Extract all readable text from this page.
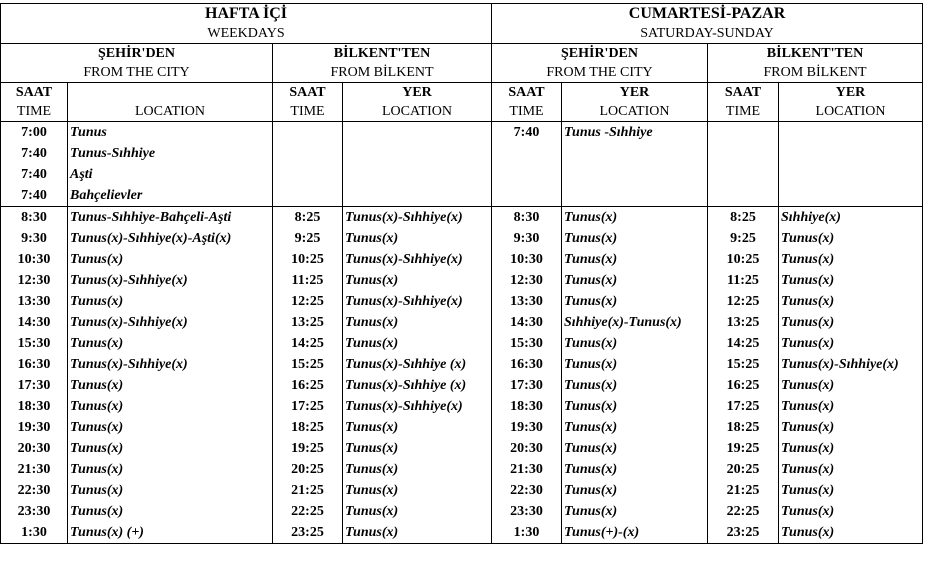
HAFTA İÇİ				CUMARTESİ-PAZAR			
WEEKDAYS				SATURDAY-SUNDAY			
ŞEHİR'DEN		BİLKENT'TEN		ŞEHİR'DEN		BİLKENT'TEN	
FROM THE CITY		FROM BİLKENT		FROM THE CITY		FROM BİLKENT	
SAAT		SAAT	YER	SAAT	YER	SAAT	YER
TIME	LOCATION	TIME	LOCATION	TIME	LOCATION	TIME	LOCATION
7:00	Tunus			7:40	Tunus -Sıhhiye		
7:40	Tunus-Sıhhiye						
7:40	Aşti						
7:40	Bahçelievler						
8:30	Tunus-Sıhhiye-Bahçeli-Aşti	8:25	Tunus(x)-Sıhhiye(x)	8:30	Tunus(x)	8:25	Sıhhiye(x)
9:30	Tunus(x)-Sıhhiye(x)-Aşti(x)	9:25	Tunus(x)	9:30	Tunus(x)	9:25	Tunus(x)
10:30	Tunus(x)	10:25	Tunus(x)-Sıhhiye(x)	10:30	Tunus(x)	10:25	Tunus(x)
12:30	Tunus(x)-Sıhhiye(x)	11:25	Tunus(x)	12:30	Tunus(x)	11:25	Tunus(x)
13:30	Tunus(x)	12:25	Tunus(x)-Sıhhiye(x)	13:30	Tunus(x)	12:25	Tunus(x)
14:30	Tunus(x)-Sıhhiye(x)	13:25	Tunus(x)	14:30	Sıhhiye(x)-Tunus(x)	13:25	Tunus(x)
15:30	Tunus(x)	14:25	Tunus(x)	15:30	Tunus(x)	14:25	Tunus(x)
16:30	Tunus(x)-Sıhhiye(x)	15:25	Tunus(x)-Sıhhiye (x)	16:30	Tunus(x)	15:25	Tunus(x)-Sıhhiye(x)
17:30	Tunus(x)	16:25	Tunus(x)-Sıhhiye (x)	17:30	Tunus(x)	16:25	Tunus(x)
18:30	Tunus(x)	17:25	Tunus(x)-Sıhhiye(x)	18:30	Tunus(x)	17:25	Tunus(x)
19:30	Tunus(x)	18:25	Tunus(x)	19:30	Tunus(x)	18:25	Tunus(x)
20:30	Tunus(x)	19:25	Tunus(x)	20:30	Tunus(x)	19:25	Tunus(x)
21:30	Tunus(x)	20:25	Tunus(x)	21:30	Tunus(x)	20:25	Tunus(x)
22:30	Tunus(x)	21:25	Tunus(x)	22:30	Tunus(x)	21:25	Tunus(x)
23:30	Tunus(x)	22:25	Tunus(x)	23:30	Tunus(x)	22:25	Tunus(x)
1:30	Tunus(x) (+)	23:25	Tunus(x)	1:30	Tunus(+)-(x)	23:25	Tunus(x)
